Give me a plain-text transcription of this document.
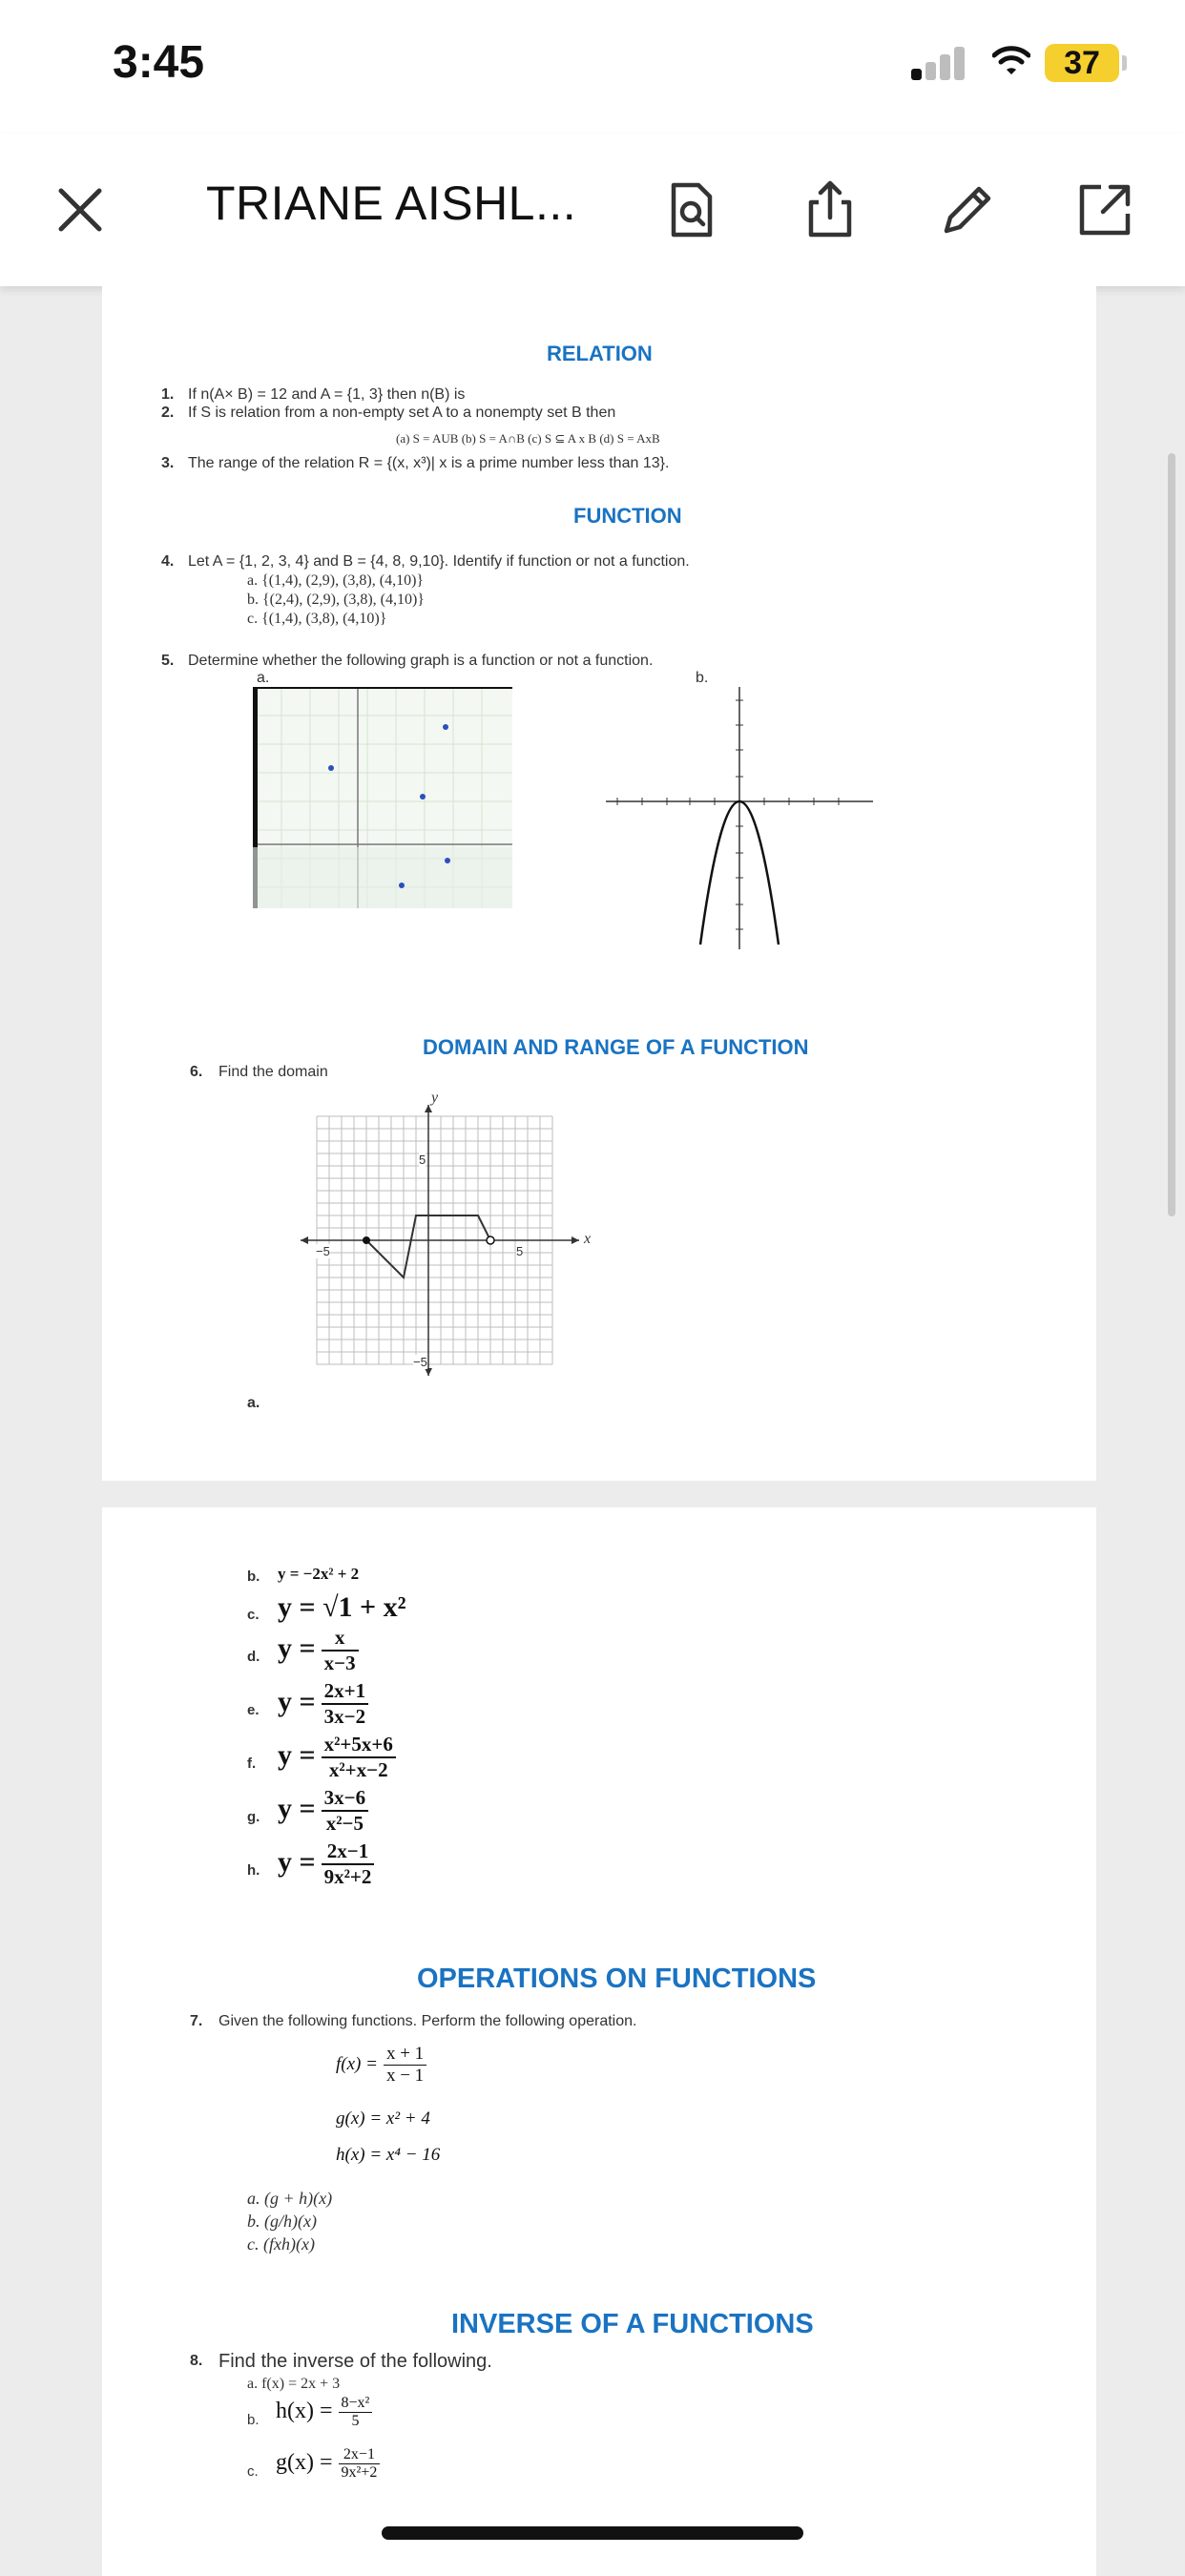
3:45	37
TRIANE AISHL...
RELATION
1. If n(A× B) = 12 and A = {1, 3} then n(B) is
2. If S is relation from a non-empty set A to a nonempty set B then
(a) S = AUB (b) S = A∩B (c) S ⊆ A x B (d) S = AxB
3. The range of the relation R = {(x, x³)| x is a prime number less than 13}.
FUNCTION
4. Let A = {1, 2, 3, 4} and B = {4, 8, 9,10}. Identify if function or not a function.
a. {(1,4), (2,9), (3,8), (4,10)}
b. {(2,4), (2,9), (3,8), (4,10)}
c. {(1,4), (3,8), (4,10)}
5. Determine whether the following graph is a function or not a function.
a.	b.
DOMAIN AND RANGE OF A FUNCTION
6. Find the domain
y
x
5
−5
5
−5
a.
b. y = −2x² + 2
c. y = √1 + x²
d. $y = \frac{x}{x-3}$
e. $y = \frac{2x+1}{3x-2}$
f. $y = \frac{\text{x²+5x+6}}{\text{x²+x−2}}$
g. $y = \frac{3x-6}{\text{x²−5}}$
h. $y = \frac{2x-1}{\text{9x²+2}}$
OPERATIONS ON FUNCTIONS
7. Given the following functions. Perform the following operation.
$f(x) = \frac{x + 1}{x - 1}$
g(x) = x² + 4
h(x) = x⁴ − 16
a. (g + h)(x)
b. (g/h)(x)
c. (fxh)(x)
INVERSE OF A FUNCTIONS
8. Find the inverse of the following.
a. f(x) = 2x + 3
b. $h(x) = \frac{\text{8−x²}}{5}$
c. $g(x) = \frac{2x-1}{\text{9x²+2}}$
